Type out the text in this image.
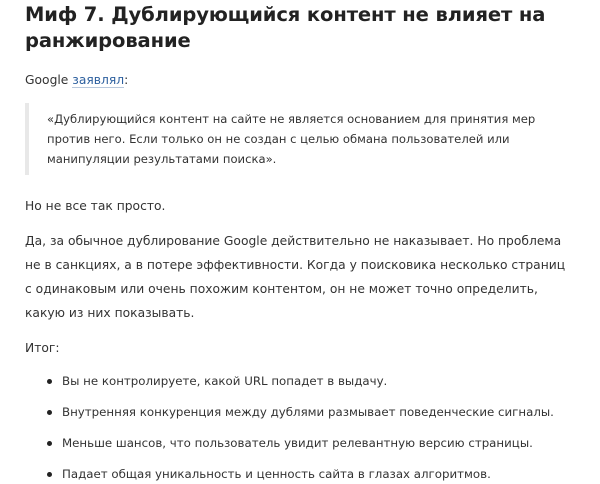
Миф 7. Дублирующийся контент не влияет на ранжирование

Google заявлял:

«Дублирующийся контент на сайте не является основанием для принятия мер против него. Если только он не создан с целью обмана пользователей или манипуляции результатами поиска».

Но не все так просто.

Да, за обычное дублирование Google действительно не наказывает. Но проблема не в санкциях, а в потере эффективности. Когда у поисковика несколько страниц с одинаковым или очень похожим контентом, он не может точно определить, какую из них показывать.

Итог:

Вы не контролируете, какой URL попадет в выдачу.
Внутренняя конкуренция между дублями размывает поведенческие сигналы.
Меньше шансов, что пользователь увидит релевантную версию страницы.
Падает общая уникальность и ценность сайта в глазах алгоритмов.
